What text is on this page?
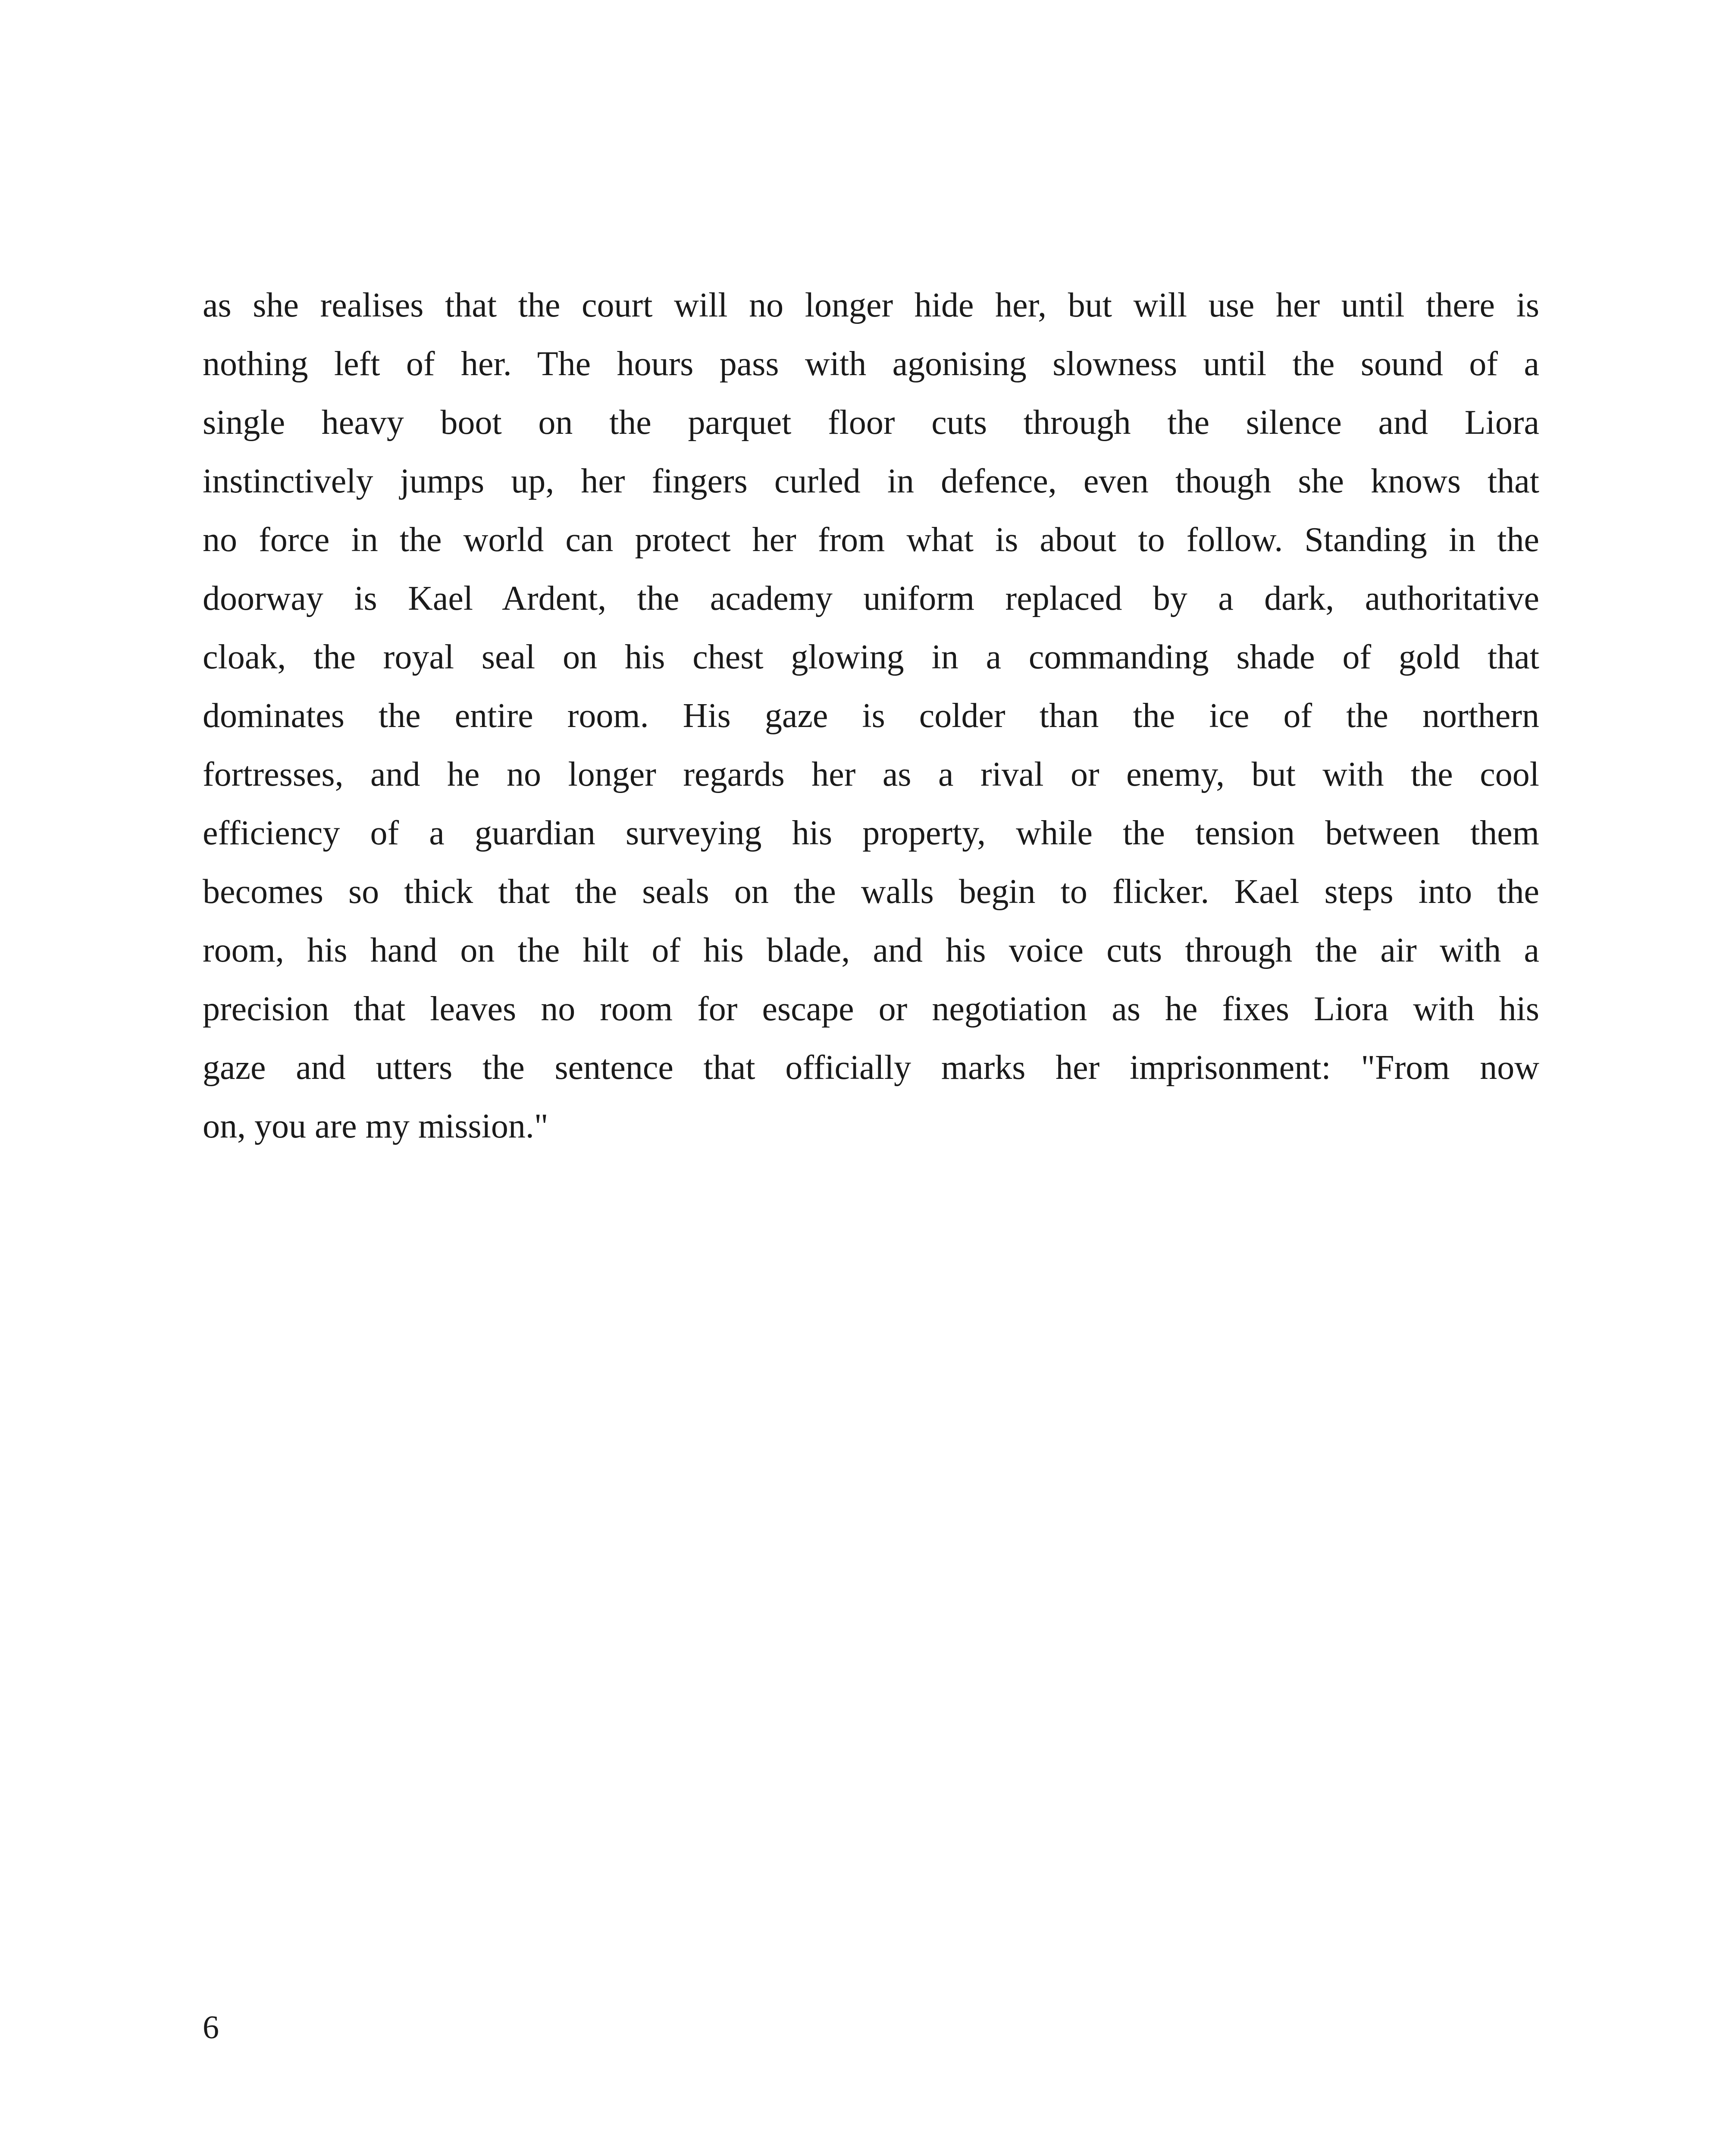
as she realises that the court will no longer hide her, but will use her until there is
nothing left of her. The hours pass with agonising slowness until the sound of a
single heavy boot on the parquet floor cuts through the silence and Liora
instinctively jumps up, her fingers curled in defence, even though she knows that
no force in the world can protect her from what is about to follow. Standing in the
doorway is Kael Ardent, the academy uniform replaced by a dark, authoritative
cloak, the royal seal on his chest glowing in a commanding shade of gold that
dominates the entire room. His gaze is colder than the ice of the northern
fortresses, and he no longer regards her as a rival or enemy, but with the cool
efficiency of a guardian surveying his property, while the tension between them
becomes so thick that the seals on the walls begin to flicker. Kael steps into the
room, his hand on the hilt of his blade, and his voice cuts through the air with a
precision that leaves no room for escape or negotiation as he fixes Liora with his
gaze and utters the sentence that officially marks her imprisonment: "From now
on, you are my mission."
6
